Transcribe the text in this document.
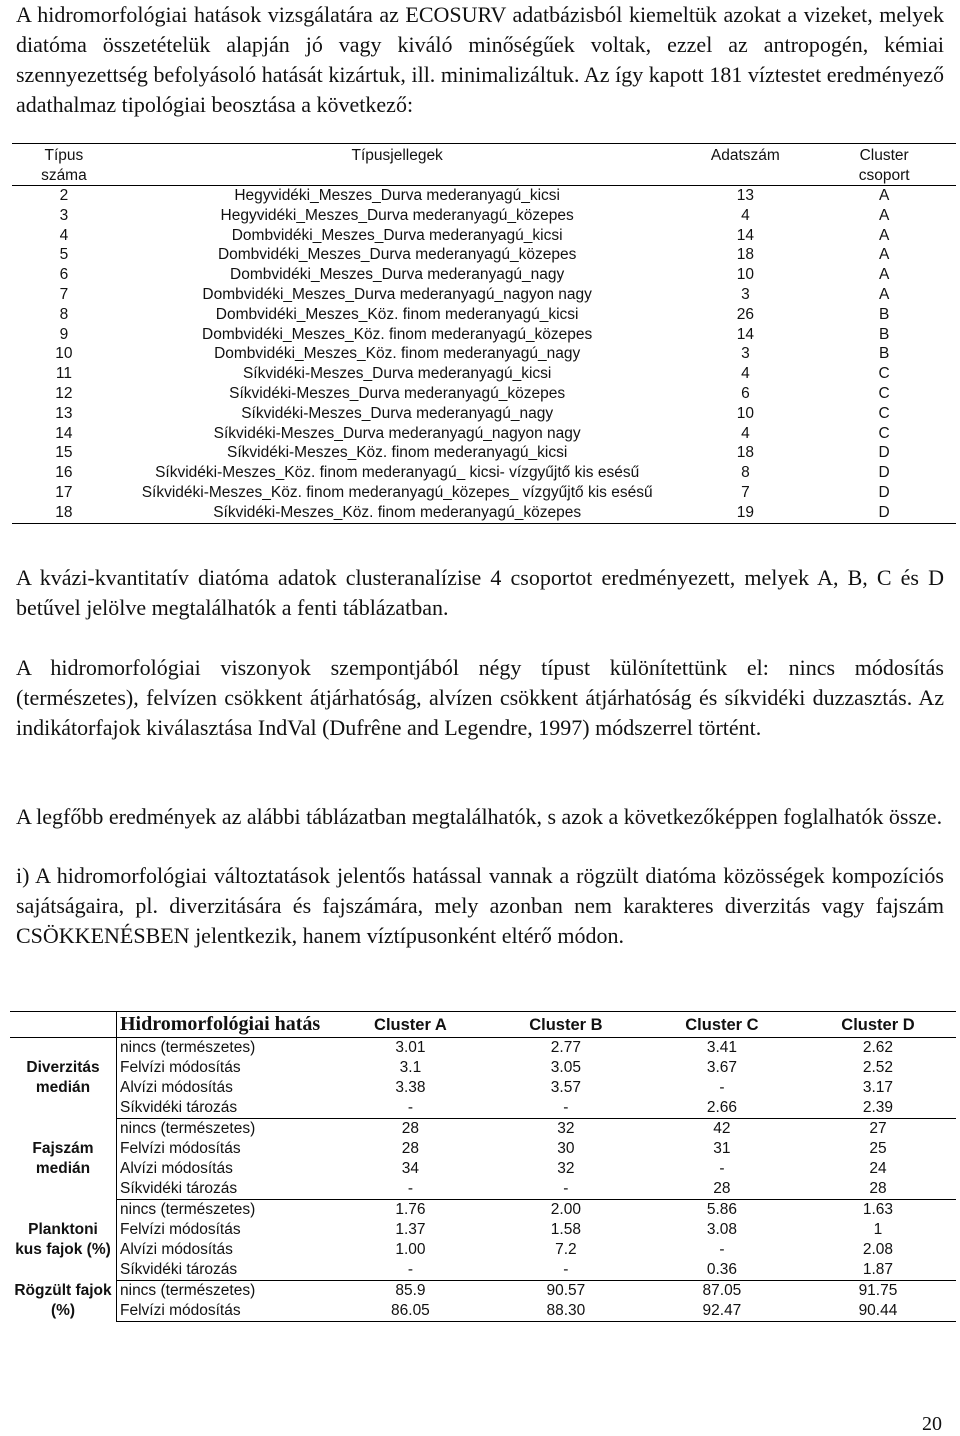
A hidromorfológiai hatások vizsgálatára az ECOSURV adatbázisból kiemeltük azokat a vizeket, melyek diatóma összetételük alapján jó vagy kiváló minőségűek voltak, ezzel az antropogén, kémiai szennyezettség befolyásoló hatását kizártuk, ill. minimalizáltuk. Az így kapott 181 víztestet eredményező adathalmaz tipológiai beosztása a következő:

Típus
száma	Típusjellegek	Adatszám	Cluster
csoport
2	Hegyvidéki_Meszes_Durva mederanyagú_kicsi	13	A
3	Hegyvidéki_Meszes_Durva mederanyagú_közepes	4	A
4	Dombvidéki_Meszes_Durva mederanyagú_kicsi	14	A
5	Dombvidéki_Meszes_Durva mederanyagú_közepes	18	A
6	Dombvidéki_Meszes_Durva mederanyagú_nagy	10	A
7	Dombvidéki_Meszes_Durva mederanyagú_nagyon nagy	3	A
8	Dombvidéki_Meszes_Köz. finom mederanyagú_kicsi	26	B
9	Dombvidéki_Meszes_Köz. finom mederanyagú_közepes	14	B
10	Dombvidéki_Meszes_Köz. finom mederanyagú_nagy	3	B
11	Síkvidéki-Meszes_Durva mederanyagú_kicsi	4	C
12	Síkvidéki-Meszes_Durva mederanyagú_közepes	6	C
13	Síkvidéki-Meszes_Durva mederanyagú_nagy	10	C
14	Síkvidéki-Meszes_Durva mederanyagú_nagyon nagy	4	C
15	Síkvidéki-Meszes_Köz. finom mederanyagú_kicsi	18	D
16	Síkvidéki-Meszes_Köz. finom mederanyagú_ kicsi- vízgyűjtő kis esésű	8	D
17	Síkvidéki-Meszes_Köz. finom mederanyagú_közepes_ vízgyűjtő kis esésű	7	D
18	Síkvidéki-Meszes_Köz. finom mederanyagú_közepes	19	D

A kvázi-kvantitatív diatóma adatok clusteranalízise 4 csoportot eredményezett, melyek A, B, C és D betűvel jelölve megtalálhatók a fenti táblázatban.

A hidromorfológiai viszonyok szempontjából négy típust különítettünk el: nincs módosítás (természetes), felvízen csökkent átjárhatóság, alvízen csökkent átjárhatóság és síkvidéki duzzasztás. Az indikátorfajok kiválasztása IndVal (Dufrêne and Legendre, 1997) módszerrel történt.

A legfőbb eredmények az alábbi táblázatban megtalálhatók, s azok a következőképpen foglalhatók össze.

i) A hidromorfológiai változtatások jelentős hatással vannak a rögzült diatóma közösségek kompozíciós sajátságaira, pl. diverzitására és fajszámára, mely azonban nem karakteres diverzitás vagy fajszám CSÖKKENÉSBEN jelentkezik, hanem víztípusonként eltérő módon.

	Hidromorfológiai hatás	Cluster A	Cluster B	Cluster C	Cluster D
Diverzitás medián	nincs (természetes)	3.01	2.77	3.41	2.62
	Felvízi módosítás	3.1	3.05	3.67	2.52
	Alvízi módosítás	3.38	3.57	-	3.17
	Síkvidéki tározás	-	-	2.66	2.39
Fajszám medián	nincs (természetes)	28	32	42	27
	Felvízi módosítás	28	30	31	25
	Alvízi módosítás	34	32	-	24
	Síkvidéki tározás	-	-	28	28
Planktoni kus fajok (%)	nincs (természetes)	1.76	2.00	5.86	1.63
	Felvízi módosítás	1.37	1.58	3.08	1
	Alvízi módosítás	1.00	7.2	-	2.08
	Síkvidéki tározás	-	-	0.36	1.87
Rögzült fajok (%)	nincs (természetes)	85.9	90.57	87.05	91.75
	Felvízi módosítás	86.05	88.30	92.47	90.44
20
